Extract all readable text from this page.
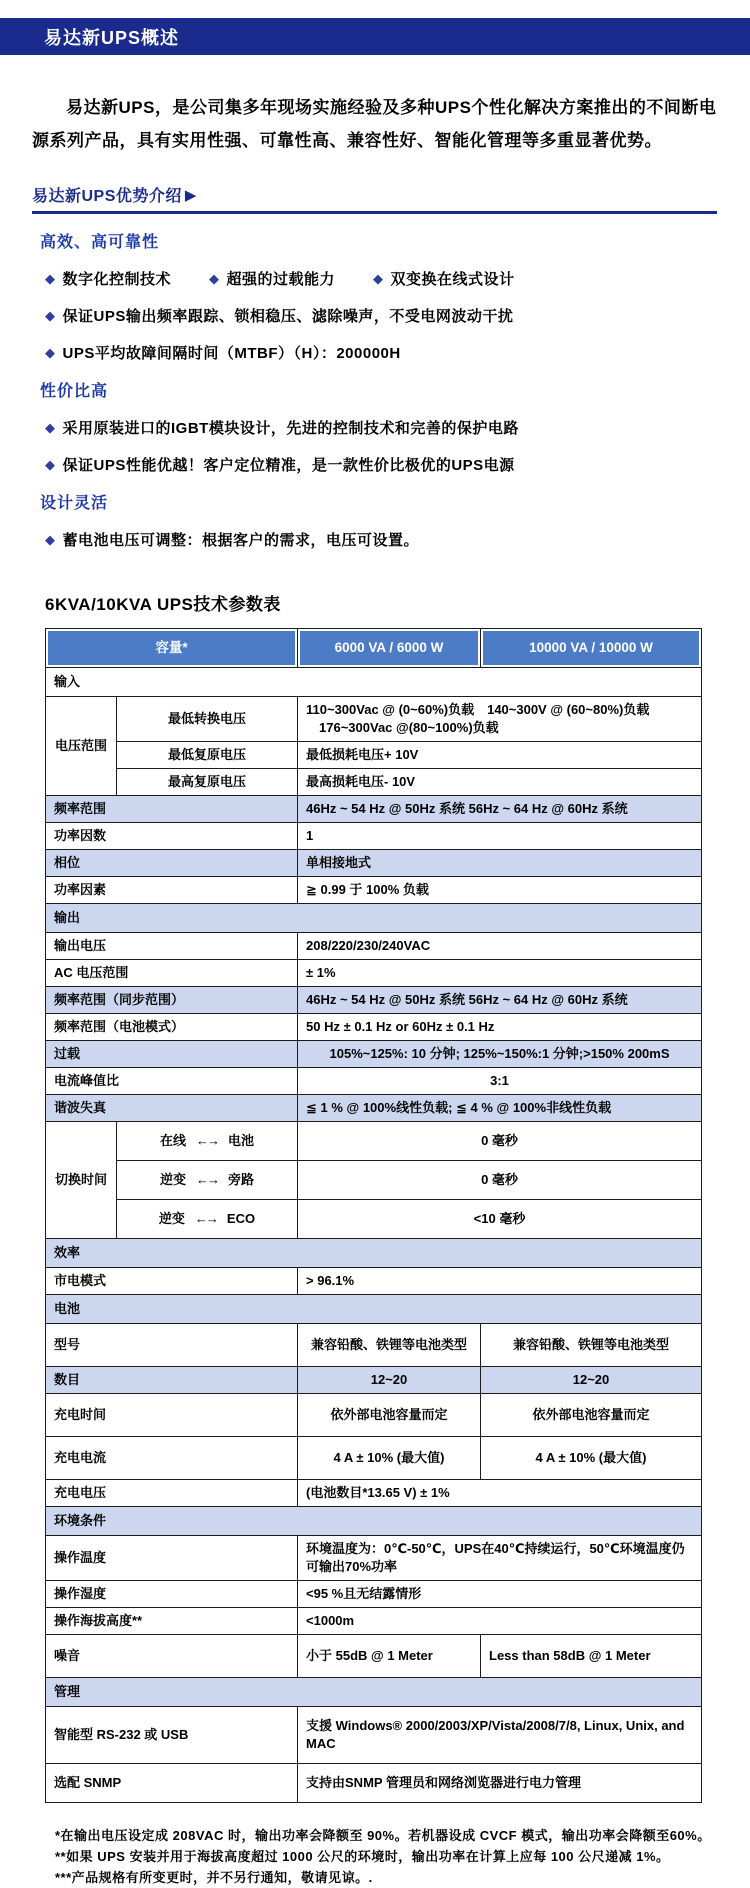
易达新UPS概述

易达新UPS，是公司集多年现场实施经验及多种UPS个性化解决方案推出的不间断电源系列产品，具有实用性强、可靠性高、兼容性好、智能化管理等多重显著优势。

易达新UPS优势介绍 ▶
高效、高可靠性
◆ 数字化控制技术	◆ 超强的过载能力	◆ 双变换在线式设计
◆ 保证UPS输出频率跟踪、锁相稳压、滤除噪声，不受电网波动干扰
◆ UPS平均故障间隔时间（MTBF）（H）：200000H
性价比高
◆ 采用原装进口的IGBT模块设计，先进的控制技术和完善的保护电路
◆ 保证UPS性能优越！客户定位精准，是一款性价比极优的UPS电源
设计灵活
◆ 蓄电池电压可调整：根据客户的需求，电压可设置。
6KVA/10KVA UPS技术参数表
容量*		6000 VA / 6000 W	10000 VA / 10000 W
输入			
电压范围	最低转换电压	110~300Vac @ (0~60%)负载　140~300V @ (60~80%)负载 　176~300Vac @(80~100%)负载	
	最低复原电压	最低损耗电压+ 10V	
	最高复原电压	最高损耗电压- 10V	
频率范围		46Hz ~ 54 Hz @ 50Hz 系统 56Hz ~ 64 Hz @ 60Hz 系统	
功率因数		1	
相位		单相接地式	
功率因素		≧ 0.99 于 100% 负载	
输出			
输出电压		208/220/230/240VAC	
AC 电压范围		± 1%	
频率范围（同步范围）		46Hz ~ 54 Hz @ 50Hz 系统 56Hz ~ 64 Hz @ 60Hz 系统	
频率范围（电池模式）		50 Hz ± 0.1 Hz or 60Hz ± 0.1 Hz	
过载		105%~125%: 10 分钟; 125%~150%:1 分钟;>150% 200mS	
电流峰值比		3:1	
谐波失真		≦ 1 % @ 100%线性负载; ≦ 4 % @ 100%非线性负载	
切换时间	在线 ←→ 电池	0 毫秒	
	逆变 ←→ 旁路	0 毫秒	
	逆变 ←→ ECO	<10 毫秒	
效率			
市电模式		> 96.1%	
电池			
型号		兼容铅酸、铁锂等电池类型	兼容铅酸、铁锂等电池类型
数目		12~20	12~20
充电时间		依外部电池容量而定	依外部电池容量而定
充电电流		4 A ± 10% (最大值)	4 A ± 10% (最大值)
充电电压		(电池数目*13.65 V) ± 1%	
环境条件			
操作温度		环境温度为：0℃-50℃，UPS在40℃持续运行，50℃环境温度仍可输出70%功率	
操作湿度		<95 %且无结露情形	
操作海拔高度**		<1000m	
噪音		小于 55dB @ 1 Meter	Less than 58dB @ 1 Meter
管理			
智能型 RS-232 或 USB		支援 Windows® 2000/2003/XP/Vista/2008/7/8, Linux, Unix, and MAC	
选配 SNMP		支持由SNMP 管理员和网络浏览器进行电力管理	

*在输出电压设定成 208VAC 时，输出功率会降额至 90%。若机器设成 CVCF 模式，输出功率会降额至60%。

**如果 UPS 安装并用于海拔高度超过 1000 公尺的环境时，输出功率在计算上应每 100 公尺递减 1%。

***产品规格有所变更时，并不另行通知，敬请见谅。.
